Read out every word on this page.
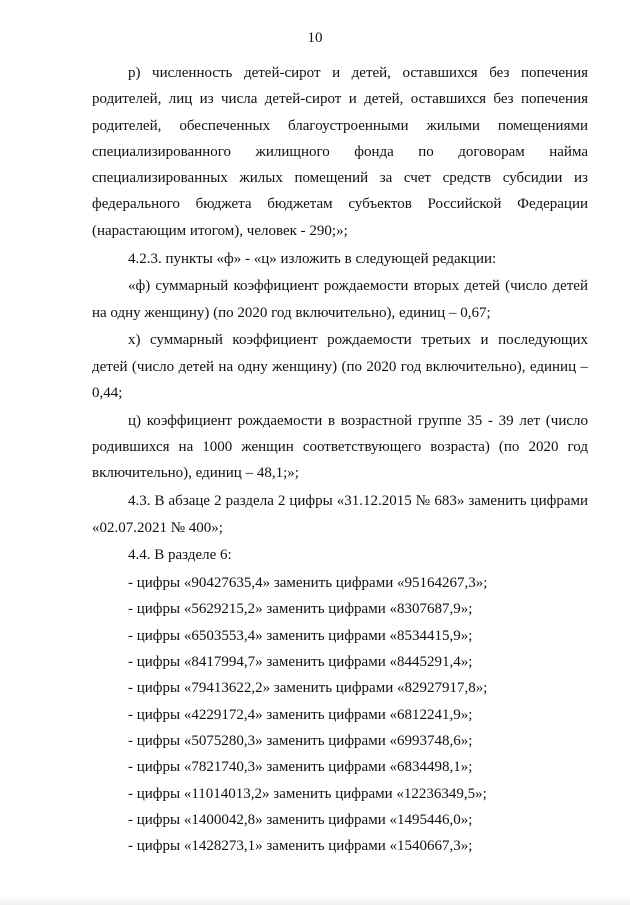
10

р) численность детей-сирот и детей, оставшихся без попечения родителей, лиц из числа детей-сирот и детей, оставшихся без попечения родителей, обеспеченных благоустроенными жилыми помещениями специализированного жилищного фонда по договорам найма специализированных жилых помещений за счет средств субсидии из федерального бюджета бюджетам субъектов Российской Федерации (нарастающим итогом), человек - 290;»;

4.2.3. пункты «ф» - «ц» изложить в следующей редакции:

«ф) суммарный коэффициент рождаемости вторых детей (число детей на одну женщину) (по 2020 год включительно), единиц – 0,67;

х) суммарный коэффициент рождаемости третьих и последующих детей (число детей на одну женщину) (по 2020 год включительно), единиц – 0,44;

ц) коэффициент рождаемости в возрастной группе 35 - 39 лет (число родившихся на 1000 женщин соответствующего возраста) (по 2020 год включительно), единиц – 48,1;»;

4.3. В абзаце 2 раздела 2 цифры «31.12.2015 № 683» заменить цифрами «02.07.2021 № 400»;

4.4. В разделе 6:

- цифры «90427635,4» заменить цифрами «95164267,3»;

- цифры «5629215,2» заменить цифрами «8307687,9»;

- цифры «6503553,4» заменить цифрами «8534415,9»;

- цифры «8417994,7» заменить цифрами «8445291,4»;

- цифры «79413622,2» заменить цифрами «82927917,8»;

- цифры «4229172,4» заменить цифрами «6812241,9»;

- цифры «5075280,3» заменить цифрами «6993748,6»;

- цифры «7821740,3» заменить цифрами «6834498,1»;

- цифры «11014013,2» заменить цифрами «12236349,5»;

- цифры «1400042,8» заменить цифрами «1495446,0»;

- цифры «1428273,1» заменить цифрами «1540667,3»;
